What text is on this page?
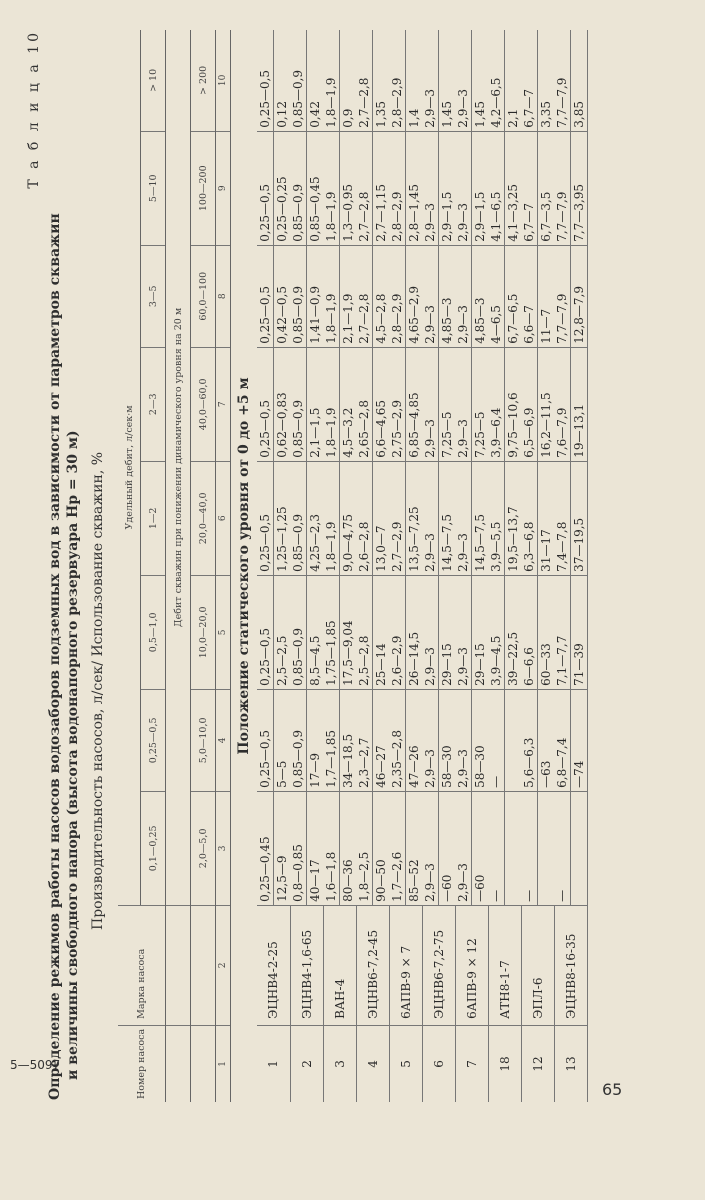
Т а б л и ц а 10
Определение режимов работы насосов водозаборов подземных вод в зависимости от параметров скважин и величины свободного напора (высота водонапорного резервуара Hр = 30 м) Производительность насосов, л/сек/ Использование скважин, %
Номер насоса	Марка насоса	Удельный дебит, л/сек·м							
		0,1—0,25	0,25—0,5	0,5—1,0	1—2	2—3	3—5	5—10	> 10
		Дебит скважин при понижении динамического уровня на 20 м							
		2,0—5,0	5,0—10,0	10,0—20,0	20,0—40,0	40,0—60,0	60,0—100	100—200	> 200
1	2	3	4	5	6	7	8	9	10
Положение статического уровня от 0 до +5 м									
1	ЭЦНВ4-2-25	0,25—0,45	0,25—0,5	0,25—0,5	0,25—0,5	0,25—0,5	0,25—0,5	0,25—0,5	0,25—0,5
		12,5—9	5—5	2,5—2,5	1,25—1,25	0,62—0,83	0,42—0,5	0,25—0,25	0,12
2	ЭЦНВ4-1,6-65	0,8—0,85	0,85—0,9	0,85—0,9	0,85—0,9	0,85—0,9	0,85—0,9	0,85—0,9	0,85—0,9
		40—17	17—9	8,5—4,5	4,25—2,3	2,1—1,5	1,41—0,9	0,85—0,45	0,42
3	ВАН-4	1,6—1,8	1,7—1,85	1,75—1,85	1,8—1,9	1,8—1,9	1,8—1,9	1,8—1,9	1,8—1,9
		80—36	34—18,5	17,5—9,04	9,0—4,75	4,5—3,2	2,1—1,9	1,3—0,95	0,9
4	ЭЦНВ6-7,2-45	1,8—2,5	2,3—2,7	2,5—2,8	2,6—2,8	2,65—2,8	2,7—2,8	2,7—2,8	2,7—2,8
		90—50	46—27	25—14	13,0—7	6,6—4,65	4,5—2,8	2,7—1,15	1,35
5	6АПВ-9 × 7	1,7—2,6	2,35—2,8	2,6—2,9	2,7—2,9	2,75—2,9	2,8—2,9	2,8—2,9	2,8—2,9
		85—52	47—26	26—14,5	13,5—7,25	6,85—4,85	4,65—2,9	2,8—1,45	1,4
6	ЭЦНВ6-7,2-75	2,9—3	2,9—3	2,9—3	2,9—3	2,9—3	2,9—3	2,9—3	2,9—3
		—60	58—30	29—15	14,5—7,5	7,25—5	4,85—3	2,9—1,5	1,45
7	6АПВ-9 × 12	2,9—3	2,9—3	2,9—3	2,9—3	2,9—3	2,9—3	2,9—3	2,9—3
		—60	58—30	29—15	14,5—7,5	7,25—5	4,85—3	2,9—1,5	1,45
18	АТН8-1-7	—	—	3,9—4,5	3,9—5,5	3,9—6,4	4—6,5	4,1—6,5	4,2—6,5
				39—22,5	19,5—13,7	9,75—10,6	6,7—6,5	4,1—3,25	2,1
12	ЭПЛ-6	—	5,6—6,3	6—6,6	6,3—6,8	6,5—6,9	6,6—7	6,7—7	6,7—7
			—63	60—33	31—17	16,2—11,5	11—7	6,7—3,5	3,35
13	ЭЦНВ8-16-35	—	6,8—7,4	7,1—7,7	7,4—7,8	7,6—7,9	7,7—7,9	7,7—7,9	7,7—7,9
			—74	71—39	37—19,5	19—13,1	12,8—7,9	7,7—3,95	3,85
5—5097
65
